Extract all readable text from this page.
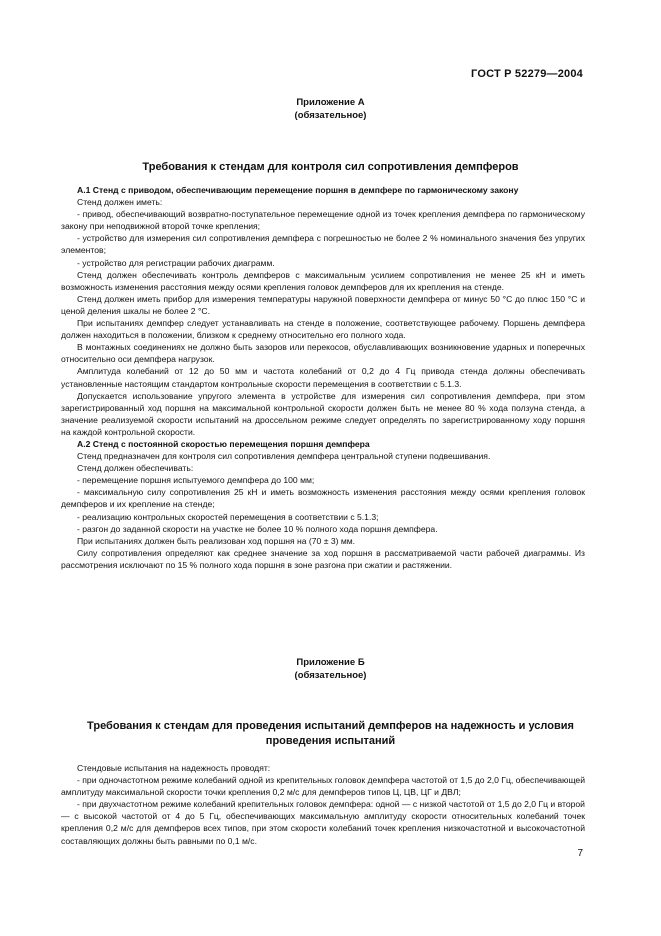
ГОСТ Р 52279—2004
Приложение А
(обязательное)
Требования к стендам для контроля сил сопротивления демпферов

А.1 Стенд с приводом, обеспечивающим перемещение поршня в демпфере по гармоническому закону

Стенд должен иметь:

- привод, обеспечивающий возвратно-поступательное перемещение одной из точек крепления демпфера по гармоническому закону при неподвижной второй точке крепления;

- устройство для измерения сил сопротивления демпфера с погрешностью не более 2 % номинального значения без упругих элементов;

- устройство для регистрации рабочих диаграмм.

Стенд должен обеспечивать контроль демпферов с максимальным усилием сопротивления не менее 25 кН и иметь возможность изменения расстояния между осями крепления головок демпферов для их крепления на стенде.

Стенд должен иметь прибор для измерения температуры наружной поверхности демпфера от минус 50 °С до плюс 150 °С и ценой деления шкалы не более 2 °С.

При испытаниях демпфер следует устанавливать на стенде в положение, соответствующее рабочему. Поршень демпфера должен находиться в положении, близком к среднему относительно его полного хода.

В монтажных соединениях не должно быть зазоров или перекосов, обуславливающих возникновение ударных и поперечных относительно оси демпфера нагрузок.

Амплитуда колебаний от 12 до 50 мм и частота колебаний от 0,2 до 4 Гц привода стенда должны обеспечивать установленные настоящим стандартом контрольные скорости перемещения в соответствии с 5.1.3.

Допускается использование упругого элемента в устройстве для измерения сил сопротивления демпфера, при этом зарегистрированный ход поршня на максимальной контрольной скорости должен быть не менее 80 % хода ползуна стенда, а значение реализуемой скорости испытаний на дроссельном режиме следует определять по зарегистрированному ходу поршня на каждой контрольной скорости.

А.2 Стенд с постоянной скоростью перемещения поршня демпфера

Стенд предназначен для контроля сил сопротивления демпфера центральной ступени подвешивания.

Стенд должен обеспечивать:

- перемещение поршня испытуемого демпфера до 100 мм;

- максимальную силу сопротивления 25 кН и иметь возможность изменения расстояния между осями крепления головок демпферов и их крепление на стенде;

- реализацию контрольных скоростей перемещения в соответствии с 5.1.3;

- разгон до заданной скорости на участке не более 10 % полного хода поршня демпфера.

При испытаниях должен быть реализован ход поршня на (70 ± 3) мм.

Силу сопротивления определяют как среднее значение за ход поршня в рассматриваемой части рабочей диаграммы. Из рассмотрения исключают по 15 % полного хода поршня в зоне разгона при сжатии и растяжении.

Приложение Б
(обязательное)
Требования к стендам для проведения испытаний демпферов на надежность и условия
проведения испытаний

Стендовые испытания на надежность проводят:

- при одночастотном режиме колебаний одной из крепительных головок демпфера частотой от 1,5 до 2,0 Гц, обеспечивающей амплитуду максимальной скорости точки крепления 0,2 м/с для демпферов типов Ц, ЦВ, ЦГ и ДВЛ;

- при двухчастотном режиме колебаний крепительных головок демпфера: одной — с низкой частотой от 1,5 до 2,0 Гц и второй — с высокой частотой от 4 до 5 Гц, обеспечивающих максимальную амплитуду скорости относительных колебаний точек крепления 0,2 м/с для демпферов всех типов, при этом скорости колебаний точек крепления низкочастотной и высокочастотной составляющих должны быть равными по 0,1 м/с.

7
